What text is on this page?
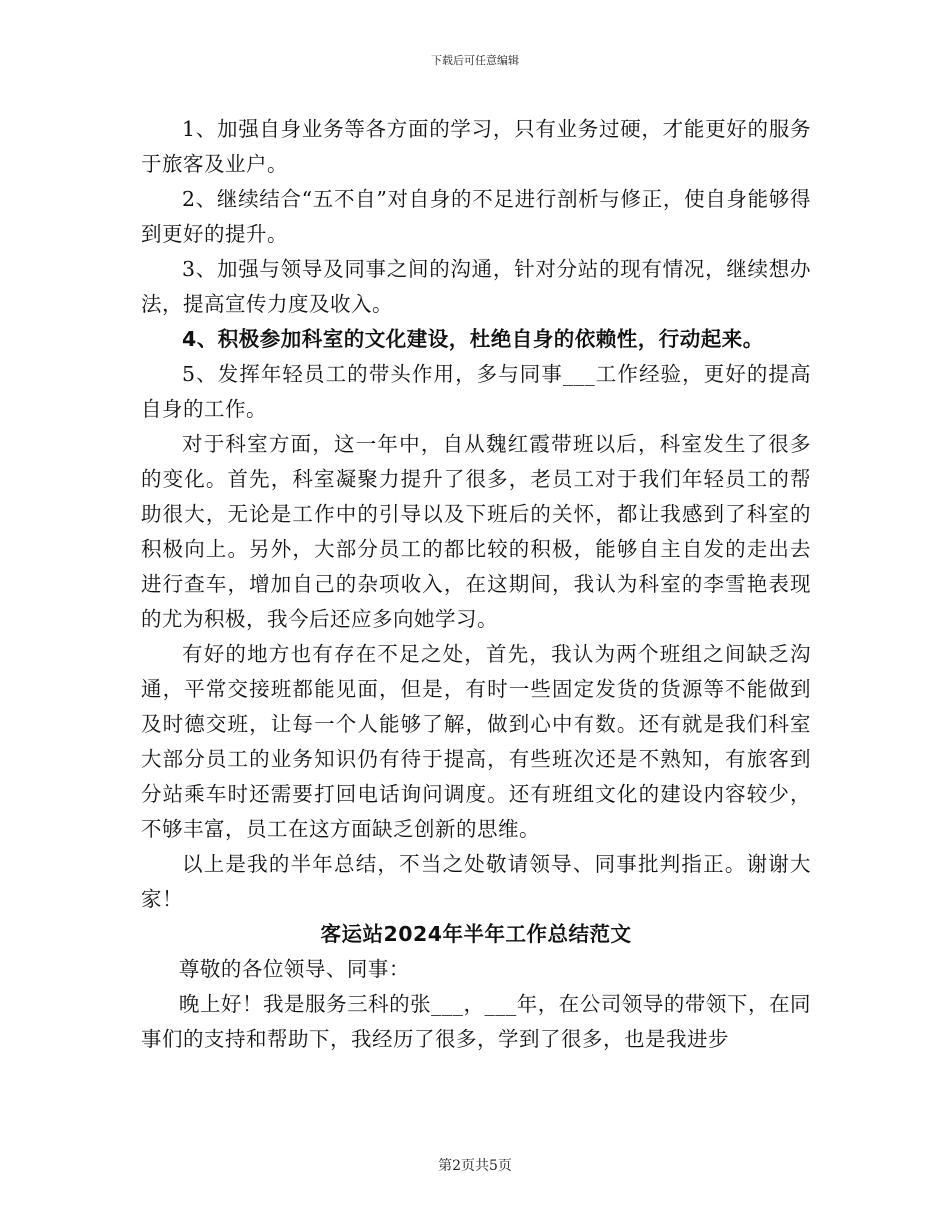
下载后可任意编辑

1、加强自身业务等各方面的学习，只有业务过硬，才能更好的服务于旅客及业户。

2、继续结合“五不自”对自身的不足进行剖析与修正，使自身能够得到更好的提升。

3、加强与领导及同事之间的沟通，针对分站的现有情况，继续想办法，提高宣传力度及收入。

4、积极参加科室的文化建设，杜绝自身的依赖性，行动起来。

5、发挥年轻员工的带头作用，多与同事___工作经验，更好的提高自身的工作。

对于科室方面，这一年中，自从魏红霞带班以后，科室发生了很多的变化。首先，科室凝聚力提升了很多，老员工对于我们年轻员工的帮助很大，无论是工作中的引导以及下班后的关怀，都让我感到了科室的积极向上。另外，大部分员工的都比较的积极，能够自主自发的走出去进行查车，增加自己的杂项收入，在这期间，我认为科室的李雪艳表现的尤为积极，我今后还应多向她学习。

有好的地方也有存在不足之处，首先，我认为两个班组之间缺乏沟通，平常交接班都能见面，但是，有时一些固定发货的货源等不能做到及时德交班，让每一个人能够了解，做到心中有数。还有就是我们科室大部分员工的业务知识仍有待于提高，有些班次还是不熟知，有旅客到分站乘车时还需要打回电话询问调度。还有班组文化的建设内容较少，不够丰富，员工在这方面缺乏创新的思维。

以上是我的半年总结，不当之处敬请领导、同事批判指正。谢谢大家！

客运站2024年半年工作总结范文

尊敬的各位领导、同事：

晚上好！我是服务三科的张___，___年，在公司领导的带领下，在同事们的支持和帮助下，我经历了很多，学到了很多，也是我进步

第2页共5页
